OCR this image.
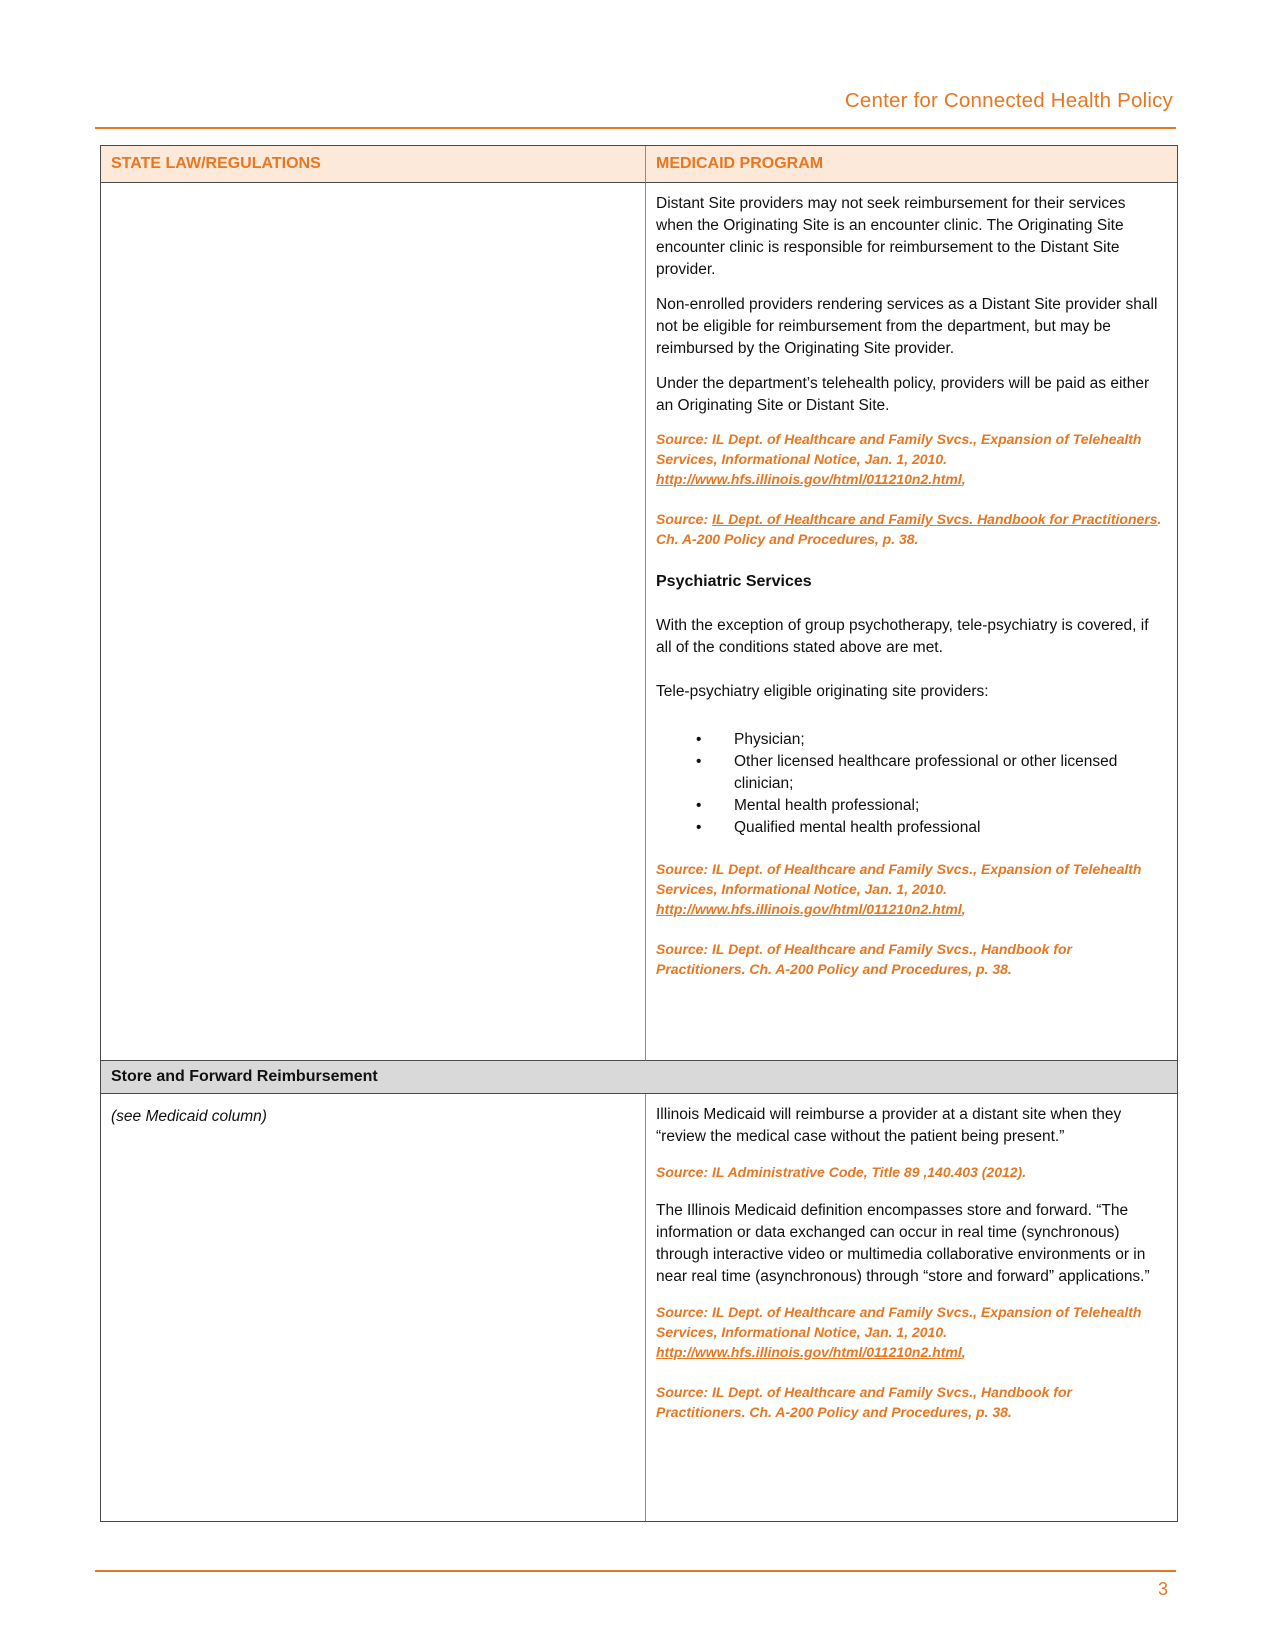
Center for Connected Health Policy
STATE LAW/REGULATIONS	MEDICAID PROGRAM

Distant Site providers may not seek reimbursement for their services when the Originating Site is an encounter clinic. The Originating Site encounter clinic is responsible for reimbursement to the Distant Site provider.

Non-enrolled providers rendering services as a Distant Site provider shall not be eligible for reimbursement from the department, but may be reimbursed by the Originating Site provider.

Under the department’s telehealth policy, providers will be paid as either an Originating Site or Distant Site.

Source: IL Dept. of Healthcare and Family Svcs., Expansion of Telehealth Services, Informational Notice, Jan. 1, 2010. http://www.hfs.illinois.gov/html/011210n2.html,

Source: IL Dept. of Healthcare and Family Svcs. Handbook for Practitioners. Ch. A-200 Policy and Procedures, p. 38.

Psychiatric Services

With the exception of group psychotherapy, tele-psychiatry is covered, if all of the conditions stated above are met.

Tele-psychiatry eligible originating site providers:

• Physician;
• Other licensed healthcare professional or other licensed clinician;
• Mental health professional;
• Qualified mental health professional

Source: IL Dept. of Healthcare and Family Svcs., Expansion of Telehealth Services, Informational Notice, Jan. 1, 2010. http://www.hfs.illinois.gov/html/011210n2.html,

Source: IL Dept. of Healthcare and Family Svcs., Handbook for Practitioners. Ch. A-200 Policy and Procedures, p. 38.

Store and Forward Reimbursement

(see Medicaid column)	Illinois Medicaid will reimburse a provider at a distant site when they “review the medical case without the patient being present.”

Source: IL Administrative Code, Title 89 ,140.403 (2012).

The Illinois Medicaid definition encompasses store and forward. “The information or data exchanged can occur in real time (synchronous) through interactive video or multimedia collaborative environments or in near real time (asynchronous) through “store and forward” applications.”

Source: IL Dept. of Healthcare and Family Svcs., Expansion of Telehealth Services, Informational Notice, Jan. 1, 2010. http://www.hfs.illinois.gov/html/011210n2.html,

Source: IL Dept. of Healthcare and Family Svcs., Handbook for Practitioners. Ch. A-200 Policy and Procedures, p. 38.

3
